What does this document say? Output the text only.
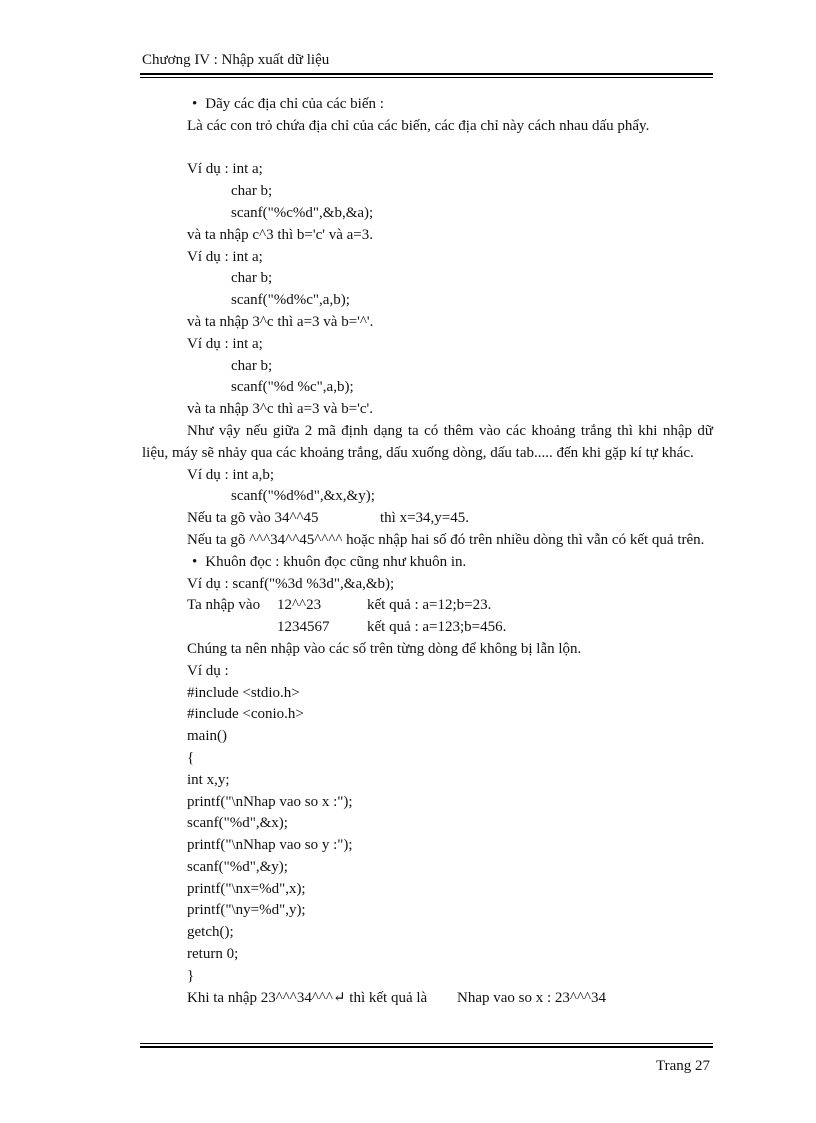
Chương IV : Nhập xuất dữ liệu
• Dãy các địa chỉ của các biến :
Là các con trỏ chứa địa chỉ của các biến, các địa chỉ này cách nhau dấu phẩy.
Ví dụ : int a;
char b;
scanf("%c%d",&b,&a);
và ta nhập c^3 thì b='c' và a=3.
Ví dụ : int a;
char b;
scanf("%d%c",a,b);
và ta nhập 3^c thì a=3 và b='^'.
Ví dụ : int a;
char b;
scanf("%d %c",a,b);
và ta nhập 3^c thì a=3 và b='c'.
Như vậy nếu giữa 2 mã định dạng ta có thêm vào các khoảng trắng thì khi nhập dữ
liệu, máy sẽ nhảy qua các khoảng trắng, dấu xuống dòng, dấu tab..... đến khi gặp kí tự khác.
Ví dụ : int a,b;
scanf("%d%d",&x,&y);
Nếu ta gõ vào 34^^45	thì x=34,y=45.
Nếu ta gõ ^^^34^^45^^^^ hoặc nhập hai số đó trên nhiều dòng thì vẫn có kết quả trên.
• Khuôn đọc : khuôn đọc cũng như khuôn in.
Ví dụ : scanf("%3d %3d",&a,&b);
Ta nhập vào 12^^23	kết quả : a=12;b=23.
1234567	kết quả : a=123;b=456.
Chúng ta nên nhập vào các số trên từng dòng để không bị lẫn lộn.
Ví dụ :
#include <stdio.h>
#include <conio.h>
main()
{
int x,y;
printf("\nNhap vao so x :");
scanf("%d",&x);
printf("\nNhap vao so y :");
scanf("%d",&y);
printf("\nx=%d",x);
printf("\ny=%d",y);
getch();
return 0;
}
Khi ta nhập 23^^^34^^^↵ thì kết quả là Nhap vao so x : 23^^^34
Trang 27
